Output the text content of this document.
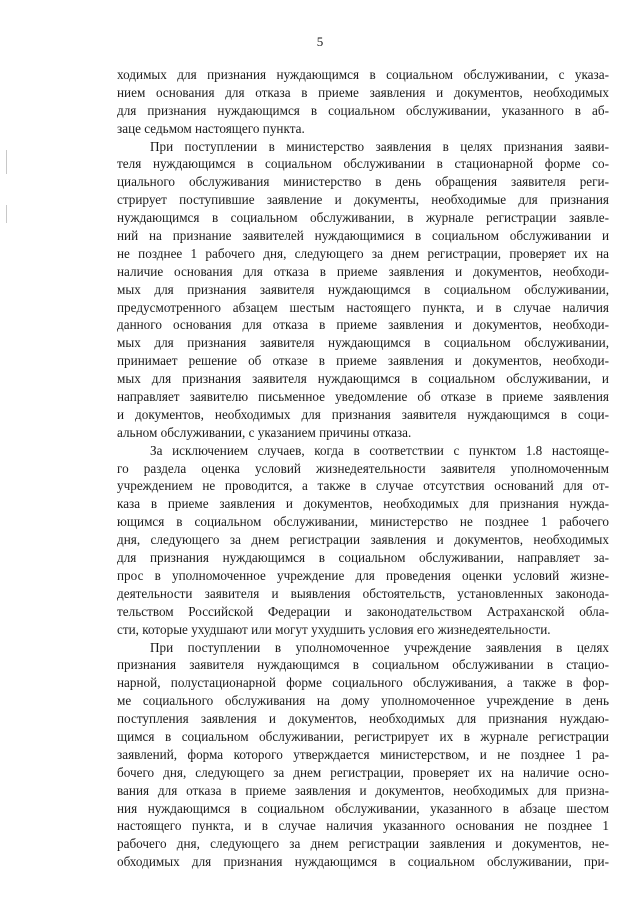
5
ходимых для признания нуждающимся в социальном обслуживании, с указа-
нием основания для отказа в приеме заявления и документов, необходимых
для признания нуждающимся в социальном обслуживании, указанного в аб-
заце седьмом настоящего пункта.
При поступлении в министерство заявления в целях признания заяви-
теля нуждающимся в социальном обслуживании в стационарной форме со-
циального обслуживания министерство в день обращения заявителя реги-
стрирует поступившие заявление и документы, необходимые для признания
нуждающимся в социальном обслуживании, в журнале регистрации заявле-
ний на признание заявителей нуждающимися в социальном обслуживании и
не позднее 1 рабочего дня, следующего за днем регистрации, проверяет их на
наличие основания для отказа в приеме заявления и документов, необходи-
мых для признания заявителя нуждающимся в социальном обслуживании,
предусмотренного абзацем шестым настоящего пункта, и в случае наличия
данного основания для отказа в приеме заявления и документов, необходи-
мых для признания заявителя нуждающимся в социальном обслуживании,
принимает решение об отказе в приеме заявления и документов, необходи-
мых для признания заявителя нуждающимся в социальном обслуживании, и
направляет заявителю письменное уведомление об отказе в приеме заявления
и документов, необходимых для признания заявителя нуждающимся в соци-
альном обслуживании, с указанием причины отказа.
За исключением случаев, когда в соответствии с пунктом 1.8 настояще-
го раздела оценка условий жизнедеятельности заявителя уполномоченным
учреждением не проводится, а также в случае отсутствия оснований для от-
каза в приеме заявления и документов, необходимых для признания нужда-
ющимся в социальном обслуживании, министерство не позднее 1 рабочего
дня, следующего за днем регистрации заявления и документов, необходимых
для признания нуждающимся в социальном обслуживании, направляет за-
прос в уполномоченное учреждение для проведения оценки условий жизне-
деятельности заявителя и выявления обстоятельств, установленных законода-
тельством Российской Федерации и законодательством Астраханской обла-
сти, которые ухудшают или могут ухудшить условия его жизнедеятельности.
При поступлении в уполномоченное учреждение заявления в целях
признания заявителя нуждающимся в социальном обслуживании в стацио-
нарной, полустационарной форме социального обслуживания, а также в фор-
ме социального обслуживания на дому уполномоченное учреждение в день
поступления заявления и документов, необходимых для признания нуждаю-
щимся в социальном обслуживании, регистрирует их в журнале регистрации
заявлений, форма которого утверждается министерством, и не позднее 1 ра-
бочего дня, следующего за днем регистрации, проверяет их на наличие осно-
вания для отказа в приеме заявления и документов, необходимых для призна-
ния нуждающимся в социальном обслуживании, указанного в абзаце шестом
настоящего пункта, и в случае наличия указанного основания не позднее 1
рабочего дня, следующего за днем регистрации заявления и документов, не-
обходимых для признания нуждающимся в социальном обслуживании, при-
